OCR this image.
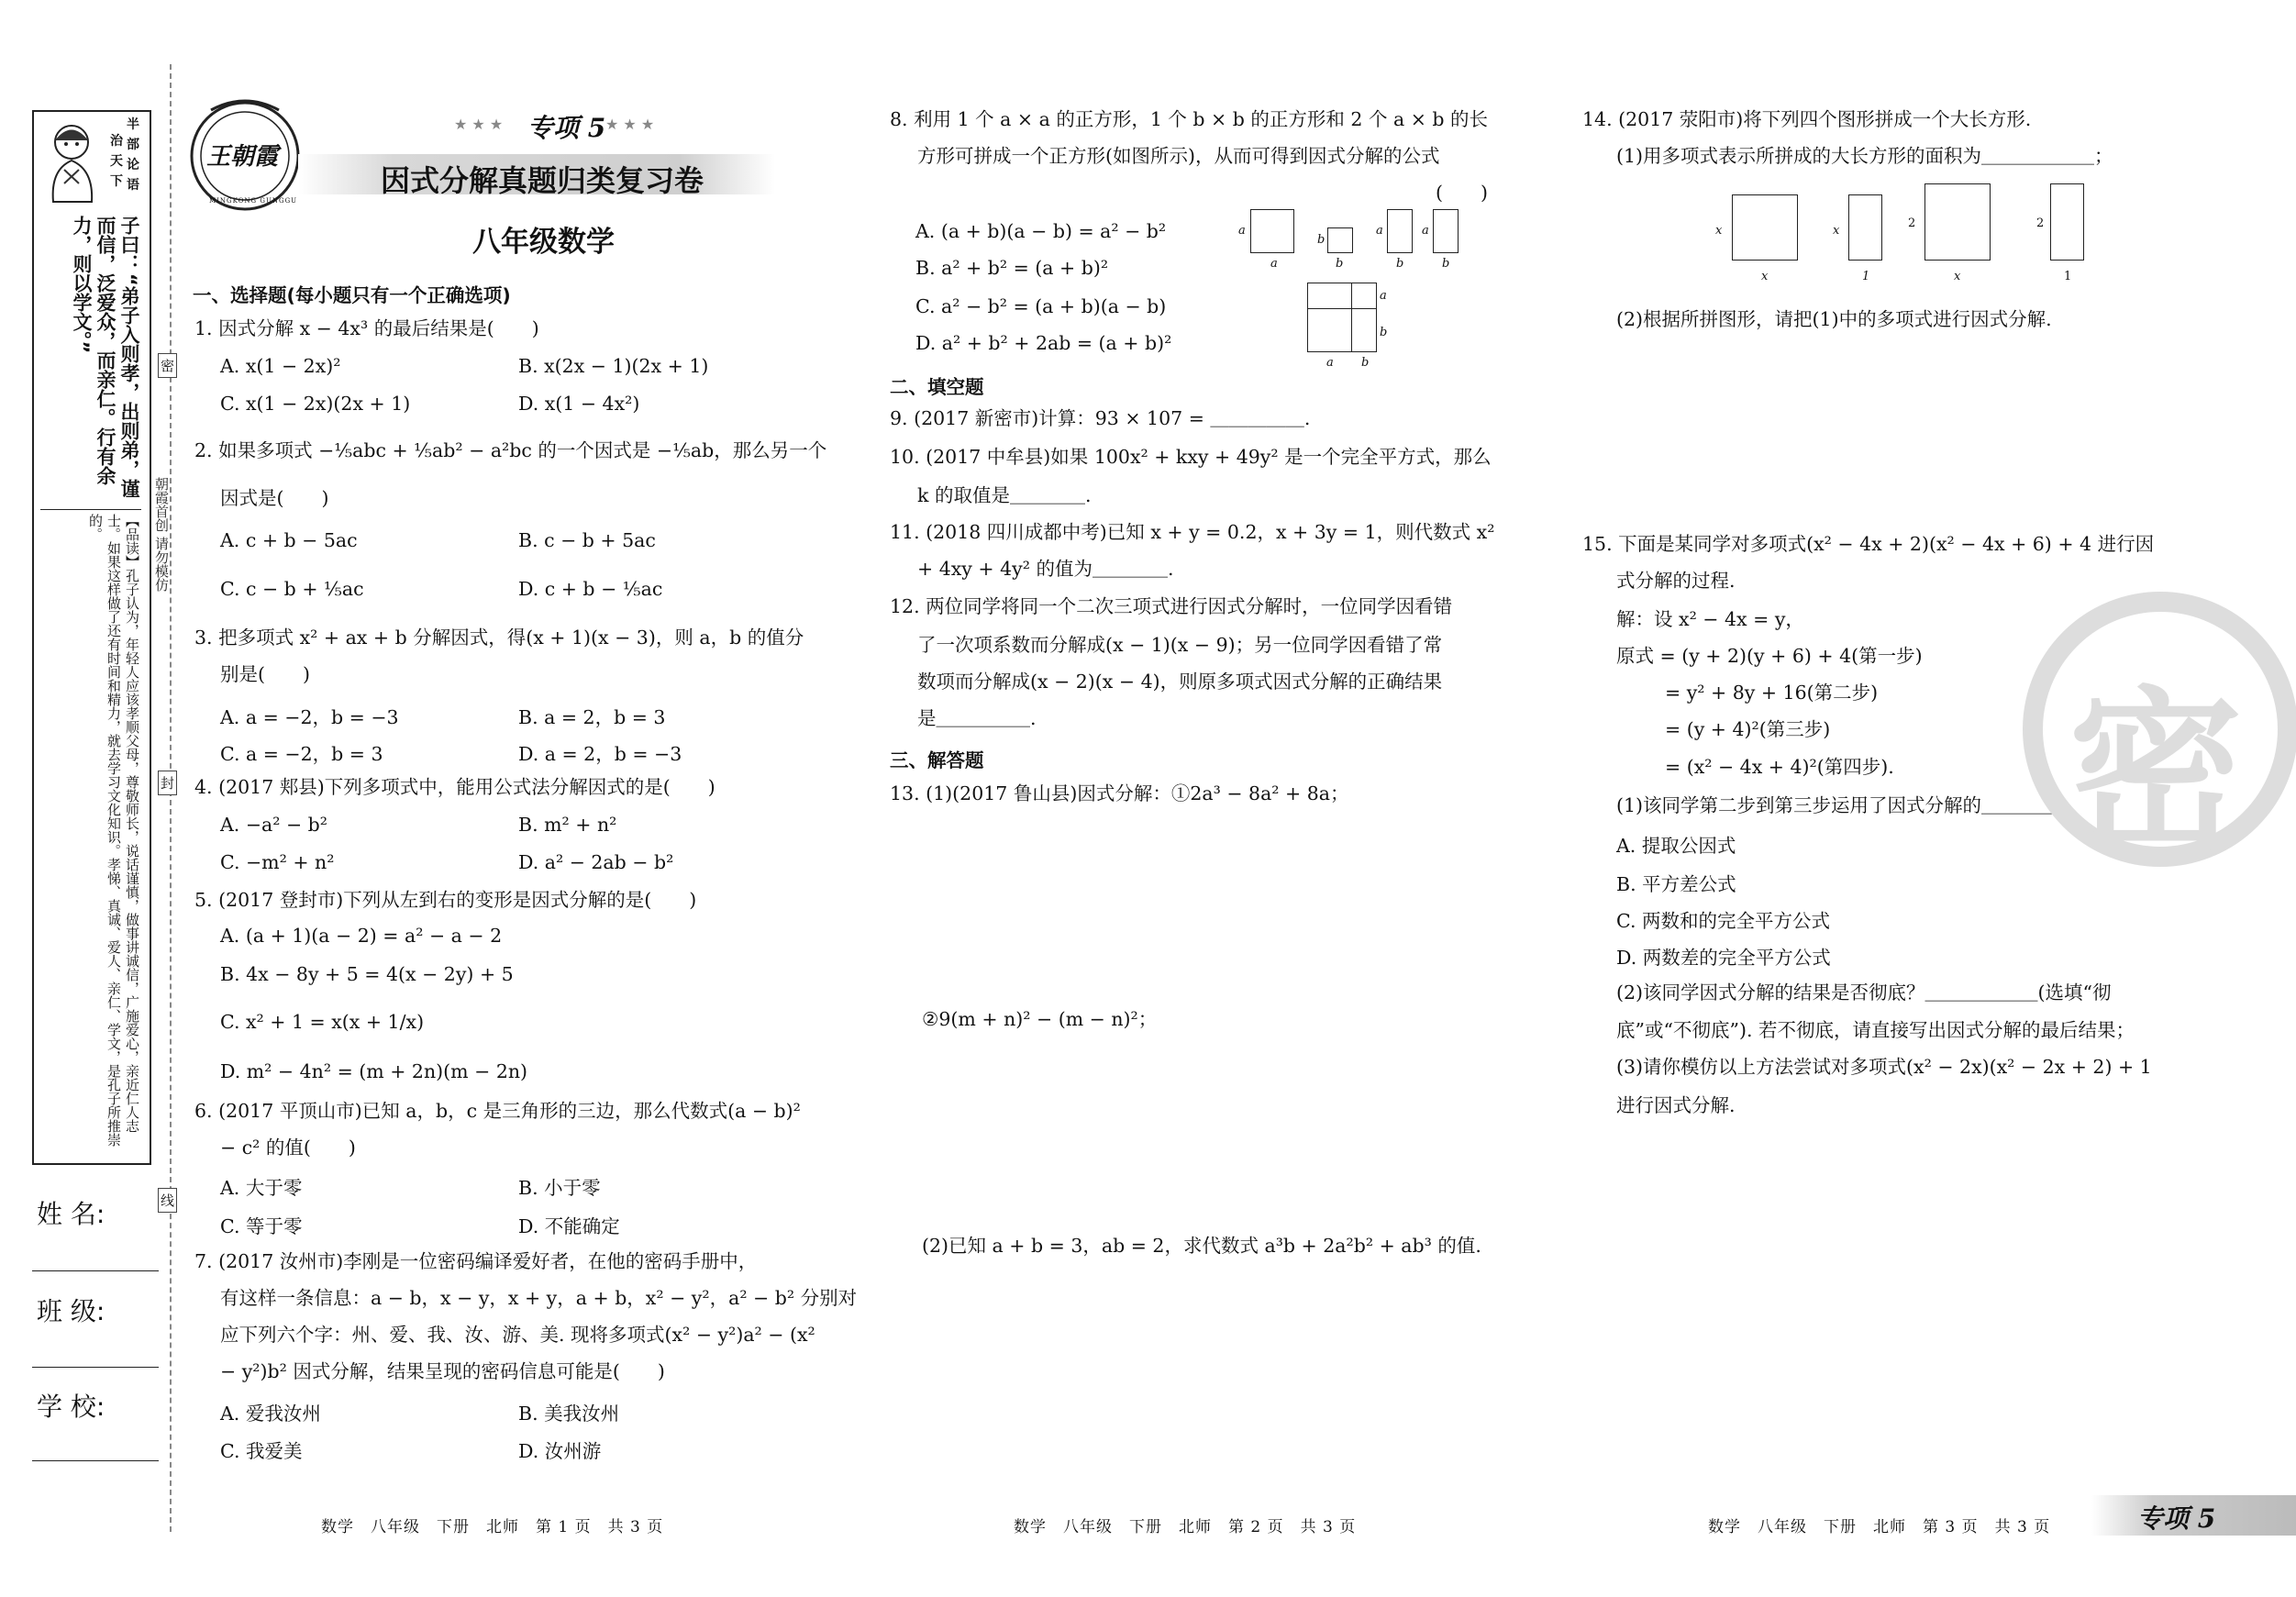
半
部
论
语
治
天
下
子曰：“弟子入则孝，出则弟，谨而信，泛爱众，而亲仁。行有余力，则以学文。”
【品读】孔子认为，年轻人应该孝顺父母，尊敬师长，说话谨慎，做事讲诚信，广施爱心，亲近仁人志士。如果这样做了还有时间和精力，就去学习文化知识。孝悌、真诚、爱人、亲仁、学文，是孔子所推崇的。
密
封
线
朝霞首创 请勿模仿
姓 名:
班 级:
学 校:
王朝霞
MINGKONG GUNGGU
★ ★ ★ 专项 5 ★ ★ ★
因式分解真题归类复习卷
八年级数学
一、选择题(每小题只有一个正确选项)
1. 因式分解 x − 4x³ 的最后结果是(　　)
A. x(1 − 2x)²	B. x(2x − 1)(2x + 1)
C. x(1 − 2x)(2x + 1)	D. x(1 − 4x²)
2. 如果多项式 −⅕abc + ⅕ab² − a²bc 的一个因式是 −⅕ab，那么另一个
因式是(　　)
A. c + b − 5ac	B. c − b + 5ac
C. c − b + ⅕ac	D. c + b − ⅕ac
3. 把多项式 x² + ax + b 分解因式，得(x + 1)(x − 3)，则 a，b 的值分
别是(　　)
A. a = −2，b = −3	B. a = 2，b = 3
C. a = −2，b = 3	D. a = 2，b = −3
4. (2017 郏县)下列多项式中，能用公式法分解因式的是(　　)
A. −a² − b²	B. m² + n²
C. −m² + n²	D. a² − 2ab − b²
5. (2017 登封市)下列从左到右的变形是因式分解的是(　　)
A. (a + 1)(a − 2) = a² − a − 2
B. 4x − 8y + 5 = 4(x − 2y) + 5
C. x² + 1 = x(x + 1/x)
D. m² − 4n² = (m + 2n)(m − 2n)
6. (2017 平顶山市)已知 a，b，c 是三角形的三边，那么代数式(a − b)²
− c² 的值(　　)
A. 大于零	B. 小于零
C. 等于零	D. 不能确定
7. (2017 汝州市)李刚是一位密码编译爱好者，在他的密码手册中，
有这样一条信息：a − b，x − y，x + y，a + b，x² − y²，a² − b² 分别对
应下列六个字：州、爱、我、汝、游、美. 现将多项式(x² − y²)a² − (x²
− y²)b² 因式分解，结果呈现的密码信息可能是(　　)
A. 爱我汝州	B. 美我汝州
C. 我爱美	D. 汝州游
数学　八年级　下册　北师　第 1 页　共 3 页
8. 利用 1 个 a × a 的正方形，1 个 b × b 的正方形和 2 个 a × b 的长
方形可拼成一个正方形(如图所示)，从而可得到因式分解的公式
(　　)
A. (a + b)(a − b) = a² − b²
B. a² + b² = (a + b)²
C. a² − b² = (a + b)(a − b)
D. a² + b² + 2ab = (a + b)²
a
a
b
b
a
b
a
b
a
b
a b
二、填空题
9. (2017 新密市)计算：93 × 107 = ＿＿＿＿＿.
10. (2017 中牟县)如果 100x² + kxy + 49y² 是一个完全平方式，那么
k 的取值是＿＿＿＿.
11. (2018 四川成都中考)已知 x + y = 0.2，x + 3y = 1，则代数式 x²
+ 4xy + 4y² 的值为＿＿＿＿.
12. 两位同学将同一个二次三项式进行因式分解时，一位同学因看错
了一次项系数而分解成(x − 1)(x − 9)；另一位同学因看错了常
数项而分解成(x − 2)(x − 4)，则原多项式因式分解的正确结果
是＿＿＿＿＿.
三、解答题
13. (1)(2017 鲁山县)因式分解：①2a³ − 8a² + 8a；
②9(m + n)² − (m − n)²；
(2)已知 a + b = 3，ab = 2，求代数式 a³b + 2a²b² + ab³ 的值.
数学　八年级　下册　北师　第 2 页　共 3 页
14. (2017 荥阳市)将下列四个图形拼成一个大长方形.
(1)用多项式表示所拼成的大长方形的面积为＿＿＿＿＿＿；
x
x
x
1
2
x
2
1
(2)根据所拼图形，请把(1)中的多项式进行因式分解.
15. 下面是某同学对多项式(x² − 4x + 2)(x² − 4x + 6) + 4 进行因
式分解的过程.
解：设 x² − 4x = y，
原式 = (y + 2)(y + 6) + 4(第一步)
= y² + 8y + 16(第二步)
= (y + 4)²(第三步)
= (x² − 4x + 4)²(第四步).
(1)该同学第二步到第三步运用了因式分解的＿＿＿＿；
A. 提取公因式
B. 平方差公式
C. 两数和的完全平方公式
D. 两数差的完全平方公式
(2)该同学因式分解的结果是否彻底？＿＿＿＿＿＿(选填“彻
底”或“不彻底”). 若不彻底，请直接写出因式分解的最后结果；
(3)请你模仿以上方法尝试对多项式(x² − 2x)(x² − 2x + 2) + 1
进行因式分解.
密
数学　八年级　下册　北师　第 3 页　共 3 页	专项 5
